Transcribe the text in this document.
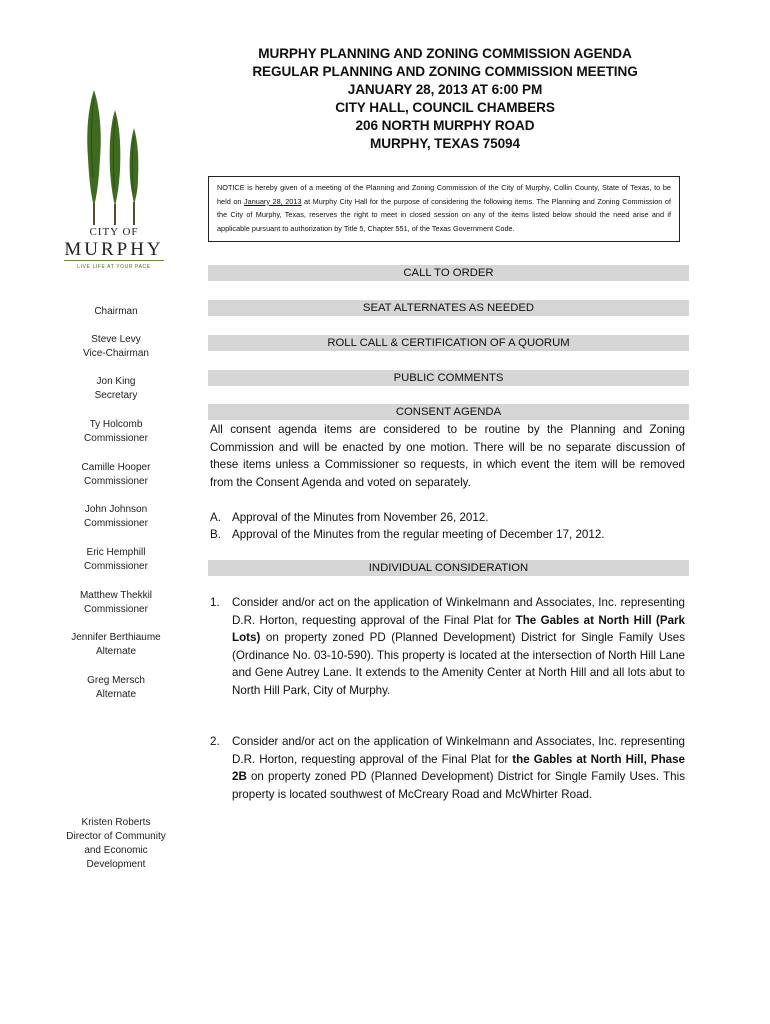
CITY OF
MURPHY
LIVE LIFE AT YOUR PACE
MURPHY PLANNING AND ZONING COMMISSION AGENDA
REGULAR PLANNING AND ZONING COMMISSION MEETING
JANUARY 28, 2013 AT 6:00 PM
CITY HALL, COUNCIL CHAMBERS
206 NORTH MURPHY ROAD
MURPHY, TEXAS 75094
NOTICE is hereby given of a meeting of the Planning and Zoning Commission of the City of Murphy, Collin County, State of Texas, to be held on January 28, 2013 at Murphy City Hall for the purpose of considering the following items. The Planning and Zoning Commission of the City of Murphy, Texas, reserves the right to meet in closed session on any of the items listed below should the need arise and if applicable pursuant to authorization by Title 5, Chapter 551, of the Texas Government Code.
Chairman
Steve Levy
Vice-Chairman
Jon King
Secretary
Ty Holcomb
Commissioner
Camille Hooper
Commissioner
John Johnson
Commissioner
Eric Hemphill
Commissioner
Matthew Thekkil
Commissioner
Jennifer Berthiaume
Alternate
Greg Mersch
Alternate
Kristen Roberts
Director of Community
and Economic
Development
CALL TO ORDER
SEAT ALTERNATES AS NEEDED
ROLL CALL & CERTIFICATION OF A QUORUM
PUBLIC COMMENTS
CONSENT AGENDA
All consent agenda items are considered to be routine by the Planning and Zoning Commission and will be enacted by one motion. There will be no separate discussion of these items unless a Commissioner so requests, in which event the item will be removed from the Consent Agenda and voted on separately.
A. Approval of the Minutes from November 26, 2012.
B. Approval of the Minutes from the regular meeting of December 17, 2012.
INDIVIDUAL CONSIDERATION
1. Consider and/or act on the application of Winkelmann and Associates, Inc. representing D.R. Horton, requesting approval of the Final Plat for The Gables at North Hill (Park Lots) on property zoned PD (Planned Development) District for Single Family Uses (Ordinance No. 03-10-590). This property is located at the intersection of North Hill Lane and Gene Autrey Lane. It extends to the Amenity Center at North Hill and all lots abut to North Hill Park, City of Murphy.
2. Consider and/or act on the application of Winkelmann and Associates, Inc. representing D.R. Horton, requesting approval of the Final Plat for the Gables at North Hill, Phase 2B on property zoned PD (Planned Development) District for Single Family Uses. This property is located southwest of McCreary Road and McWhirter Road.
